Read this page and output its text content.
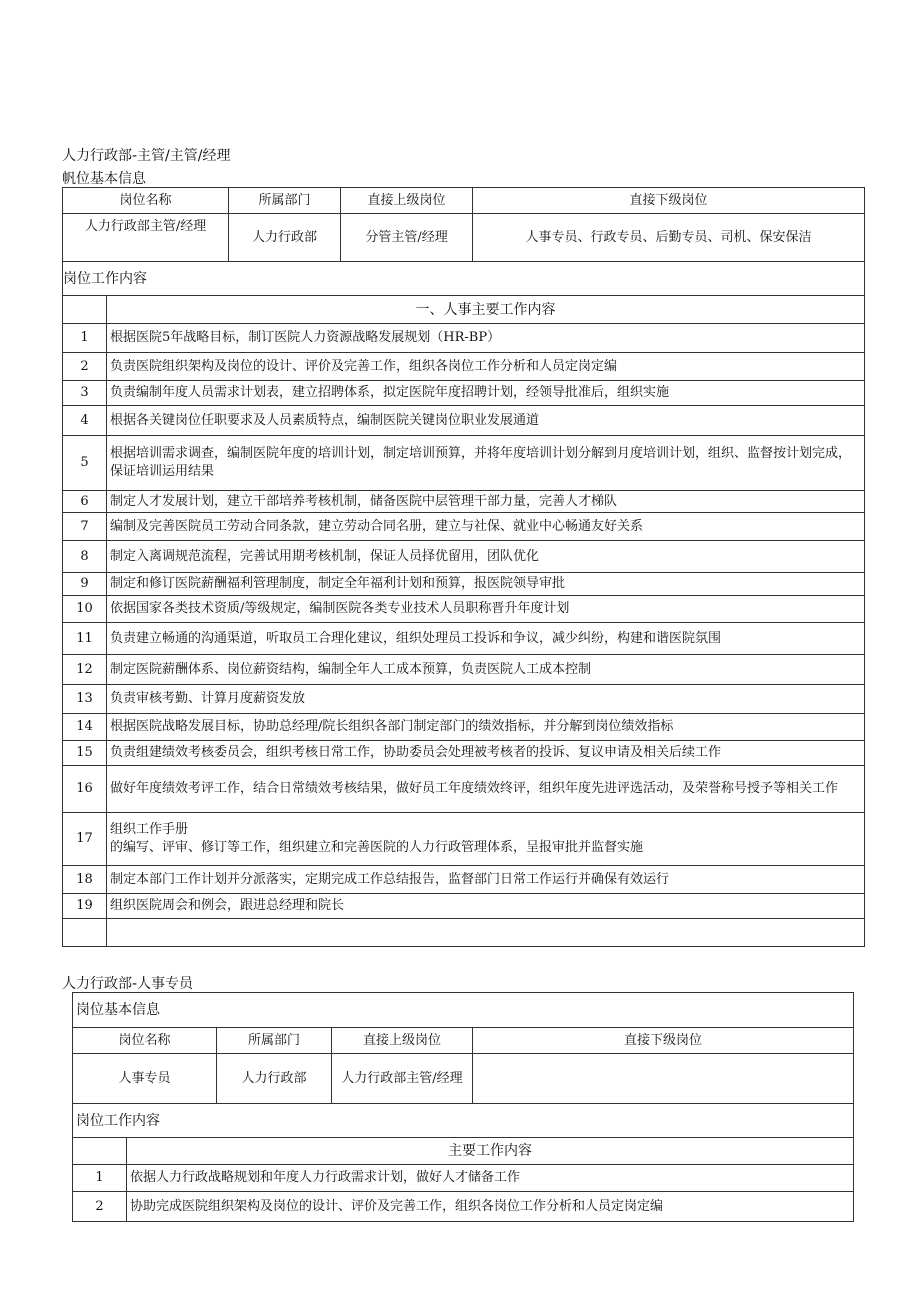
人力行政部-主管/主管/经理
帆位基本信息
岗位名称		所属部门	直接上级岗位	直接下级岗位
人力行政部主管/经理		人力行政部	分管主管/经理	人事专员、行政专员、后勤专员、司机、保安保洁
岗位工作内容				
	一、人事主要工作内容			
1	根据医院5年战略目标，制订医院人力资源战略发展规划（HR-BP）			
2	负责医院组织架构及岗位的设计、评价及完善工作，组织各岗位工作分析和人员定岗定编			
3	负责编制年度人员需求计划表，建立招聘体系，拟定医院年度招聘计划，经领导批准后，组织实施			
4	根据各关键岗位任职要求及人员素质特点，编制医院关键岗位职业发展通道			
5	根据培训需求调查，编制医院年度的培训计划，制定培训预算，并将年度培训计划分解到月度培训计划，组织、监督按计划完成，保证培训运用结果			
6	制定人才发展计划，建立干部培养考核机制，储备医院中层管理干部力量，完善人才梯队			
7	编制及完善医院员工劳动合同条款，建立劳动合同名册，建立与社保、就业中心畅通友好关系			
8	制定入离调规范流程，完善试用期考核机制，保证人员择优留用，团队优化			
9	制定和修订医院薪酬福利管理制度，制定全年福利计划和预算，报医院领导审批			
10	依据国家各类技术资质/等级规定，编制医院各类专业技术人员职称晋升年度计划			
11	负责建立畅通的沟通渠道，听取员工合理化建议，组织处理员工投诉和争议，减少纠纷，构建和谐医院氛围			
12	制定医院薪酬体系、岗位薪资结构，编制全年人工成本预算，负责医院人工成本控制			
13	负责审核考勤、计算月度薪资发放			
14	根据医院战略发展目标，协助总经理/院长组织各部门制定部门的绩效指标，并分解到岗位绩效指标			
15	负责组建绩效考核委员会，组织考核日常工作，协助委员会处理被考核者的投诉、复议申请及相关后续工作			
16	做好年度绩效考评工作，结合日常绩效考核结果，做好员工年度绩效终评，组织年度先进评选活动，及荣誉称号授予等相关工作			
17	组织工作手册
的编写、评审、修订等工作，组织建立和完善医院的人力行政管理体系，呈报审批并监督实施			
18	制定本部门工作计划并分派落实，定期完成工作总结报告，监督部门日常工作运行并确保有效运行			
19	组织医院周会和例会，跟进总经理和院长			

人力行政部-人事专员
岗位基本信息				
岗位名称		所属部门	直接上级岗位	直接下级岗位
人事专员		人力行政部	人力行政部主管/经理	
岗位工作内容				
	主要工作内容			
1	依据人力行政战略规划和年度人力行政需求计划，做好人才储备工作			
2	协助完成医院组织架构及岗位的设计、评价及完善工作，组织各岗位工作分析和人员定岗定编			
